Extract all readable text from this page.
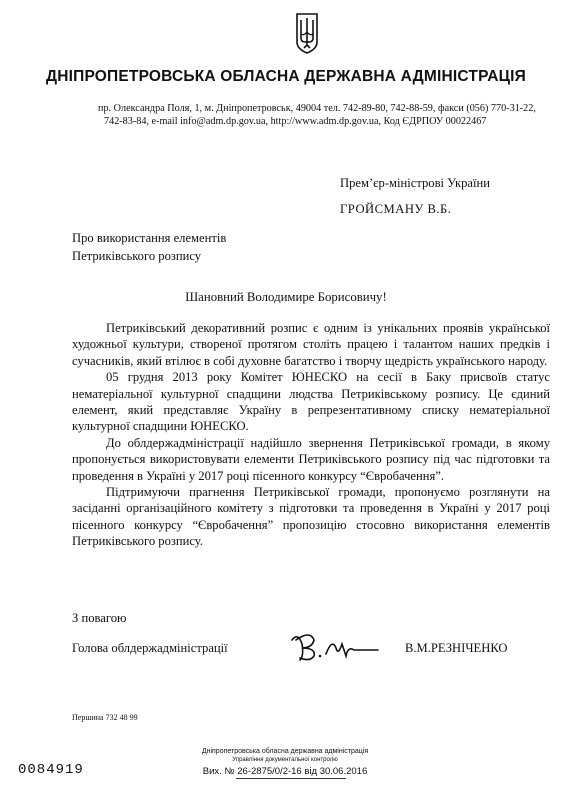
ДНІПРОПЕТРОВСЬКА ОБЛАСНА ДЕРЖАВНА АДМІНІСТРАЦІЯ
пр. Олександра Поля, 1, м. Дніпропетровськ, 49004 тел. 742-89-80, 742-88-59, факси (056) 770-31-22,
742-83-84, e-mail info@adm.dp.gov.ua, http://www.adm.dp.gov.ua, Код ЄДРПОУ 00022467
Прем’єр-міністрові України
ГРОЙСМАНУ В.Б.
Про використання елементів
Петриківського розпису
Шановний Володимире Борисовичу!

Петриківський декоративний розпис є одним із унікальних проявів української художньої культури, створеної протягом століть працею і талантом наших предків і сучасників, який втілює в собі духовне багатство і творчу щедрість українського народу.

05 грудня 2013 року Комітет ЮНЕСКО на сесії в Баку присвоїв статус нематеріальної культурної спадщини людства Петриківському розпису. Це єдиний елемент, який представляє Україну в репрезентативному списку нематеріальної культурної спадщини ЮНЕСКО.

До облдержадміністрації надійшло звернення Петриківської громади, в якому пропонується використовувати елементи Петриківського розпису під час підготовки та проведення в Україні у 2017 році пісенного конкурсу “Євробачення”.

Підтримуючи прагнення Петриківської громади, пропонуємо розглянути на засіданні організаційного комітету з підготовки та проведення в Україні у 2017 році пісенного конкурсу “Євробачення” пропозицію стосовно використання елементів Петриківського розпису.

З повагою
Голова облдержадміністрації	В.М.РЕЗНІЧЕНКО
Першина 732 48 99
0084919
Дніпропетровська обласна державна адміністрація
Управління документальної контролю
Вих. № 26-2875/0/2-16 від 30.06.2016
